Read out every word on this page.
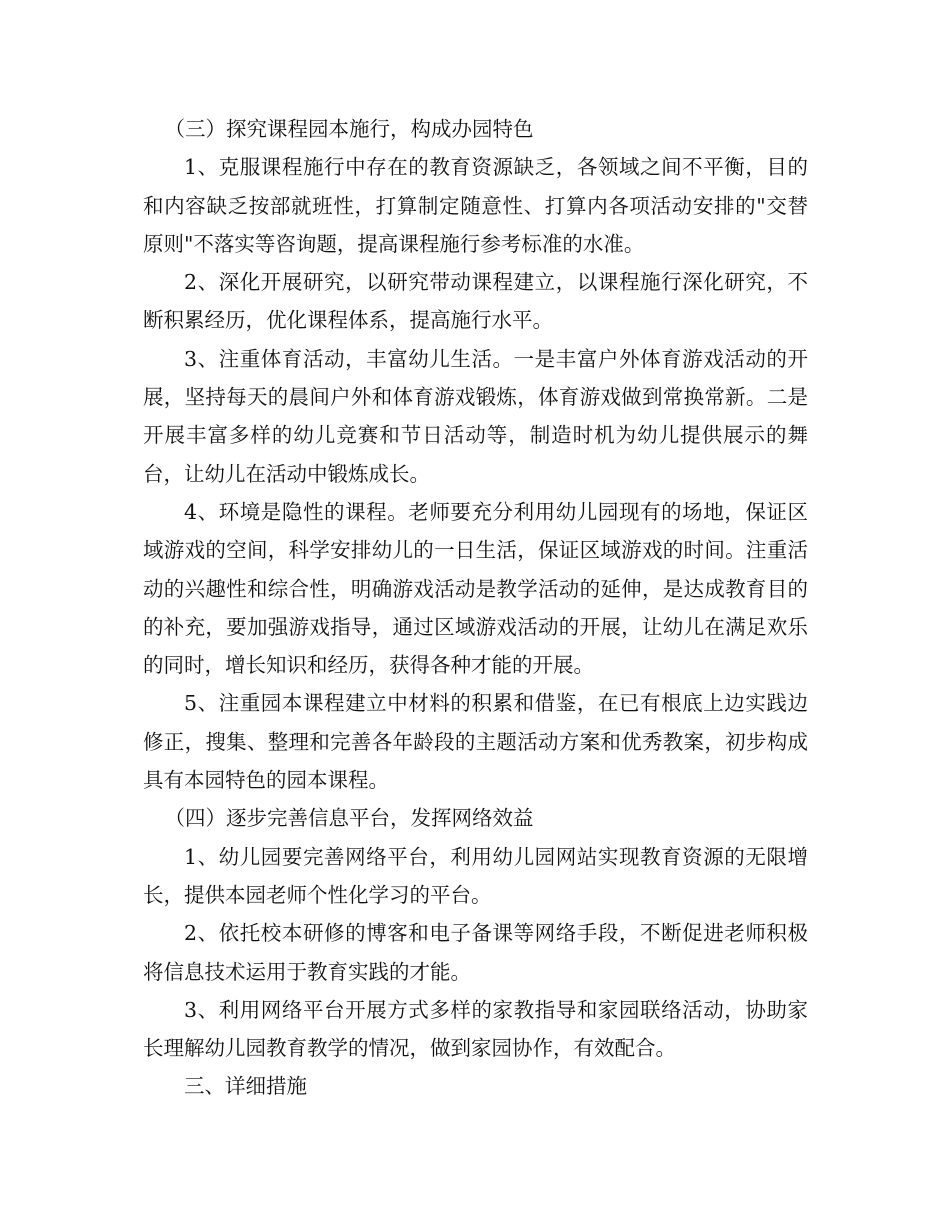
（三）探究课程园本施行，构成办园特色

1、克服课程施行中存在的教育资源缺乏，各领域之间不平衡，目的和内容缺乏按部就班性，打算制定随意性、打算内各项活动安排的"交替原则"不落实等咨询题，提高课程施行参考标准的水准。

2、深化开展研究，以研究带动课程建立，以课程施行深化研究，不断积累经历，优化课程体系，提高施行水平。

3、注重体育活动，丰富幼儿生活。一是丰富户外体育游戏活动的开展，坚持每天的晨间户外和体育游戏锻炼，体育游戏做到常换常新。二是开展丰富多样的幼儿竞赛和节日活动等，制造时机为幼儿提供展示的舞台，让幼儿在活动中锻炼成长。

4、环境是隐性的课程。老师要充分利用幼儿园现有的场地，保证区域游戏的空间，科学安排幼儿的一日生活，保证区域游戏的时间。注重活动的兴趣性和综合性，明确游戏活动是教学活动的延伸，是达成教育目的的补充，要加强游戏指导，通过区域游戏活动的开展，让幼儿在满足欢乐的同时，增长知识和经历，获得各种才能的开展。

5、注重园本课程建立中材料的积累和借鉴，在已有根底上边实践边修正，搜集、整理和完善各年龄段的主题活动方案和优秀教案，初步构成具有本园特色的园本课程。

（四）逐步完善信息平台，发挥网络效益

1、幼儿园要完善网络平台，利用幼儿园网站实现教育资源的无限增长，提供本园老师个性化学习的平台。

2、依托校本研修的博客和电子备课等网络手段，不断促进老师积极将信息技术运用于教育实践的才能。

3、利用网络平台开展方式多样的家教指导和家园联络活动，协助家长理解幼儿园教育教学的情况，做到家园协作，有效配合。

三、详细措施
